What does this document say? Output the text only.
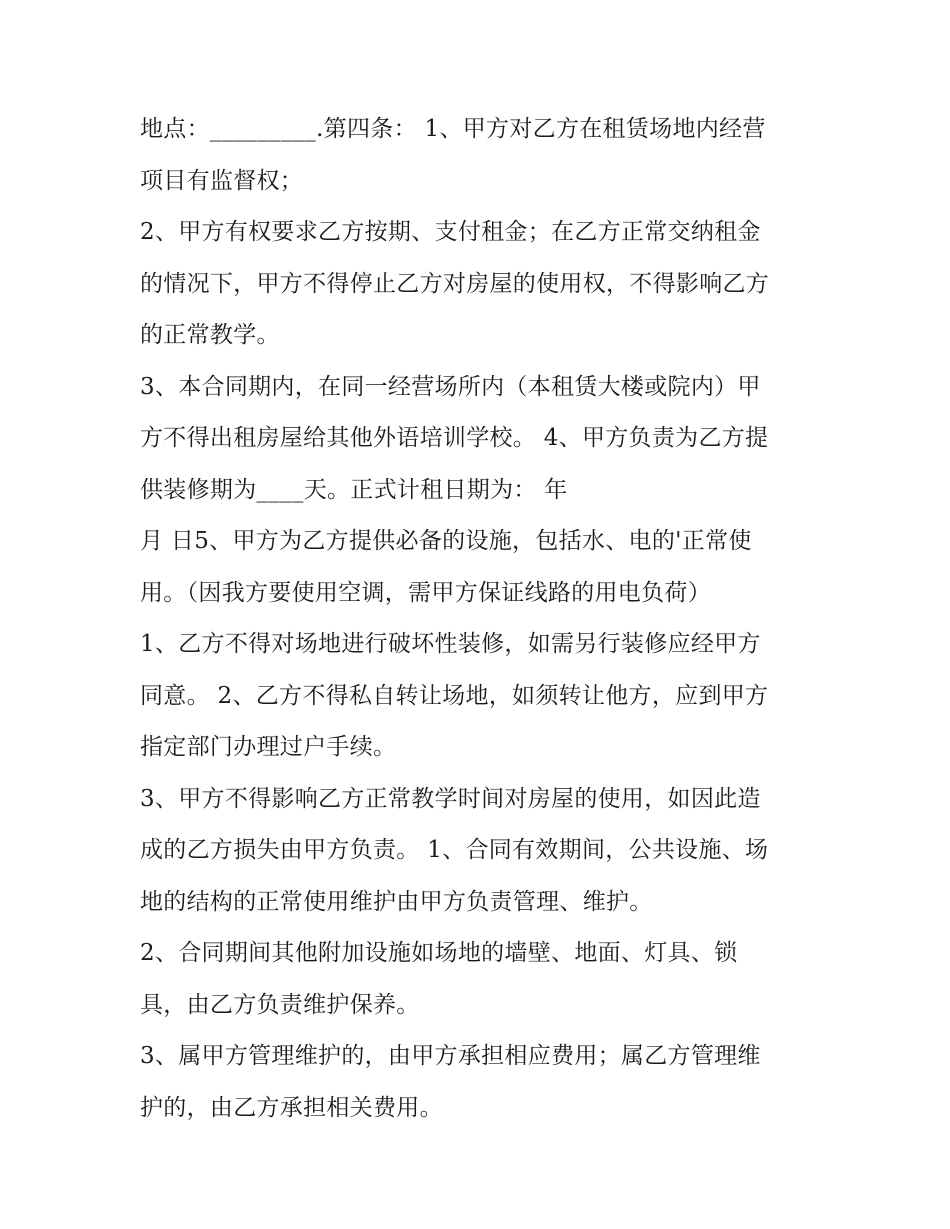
地点：_________.第四条： 1、甲方对乙方在租赁场地内经营
项目有监督权；
2、甲方有权要求乙方按期、支付租金；在乙方正常交纳租金
的情况下，甲方不得停止乙方对房屋的使用权，不得影响乙方
的正常教学。
3、本合同期内，在同一经营场所内（本租赁大楼或院内）甲
方不得出租房屋给其他外语培训学校。 4、甲方负责为乙方提
供装修期为____天。正式计租日期为： 年
月 日5、甲方为乙方提供必备的设施，包括水、电的'正常使
用。（因我方要使用空调，需甲方保证线路的用电负荷）
1、乙方不得对场地进行破坏性装修，如需另行装修应经甲方
同意。 2、乙方不得私自转让场地，如须转让他方，应到甲方
指定部门办理过户手续。
3、甲方不得影响乙方正常教学时间对房屋的使用，如因此造
成的乙方损失由甲方负责。 1、合同有效期间，公共设施、场
地的结构的正常使用维护由甲方负责管理、维护。
2、合同期间其他附加设施如场地的墙壁、地面、灯具、锁
具，由乙方负责维护保养。
3、属甲方管理维护的，由甲方承担相应费用；属乙方管理维
护的，由乙方承担相关费用。
